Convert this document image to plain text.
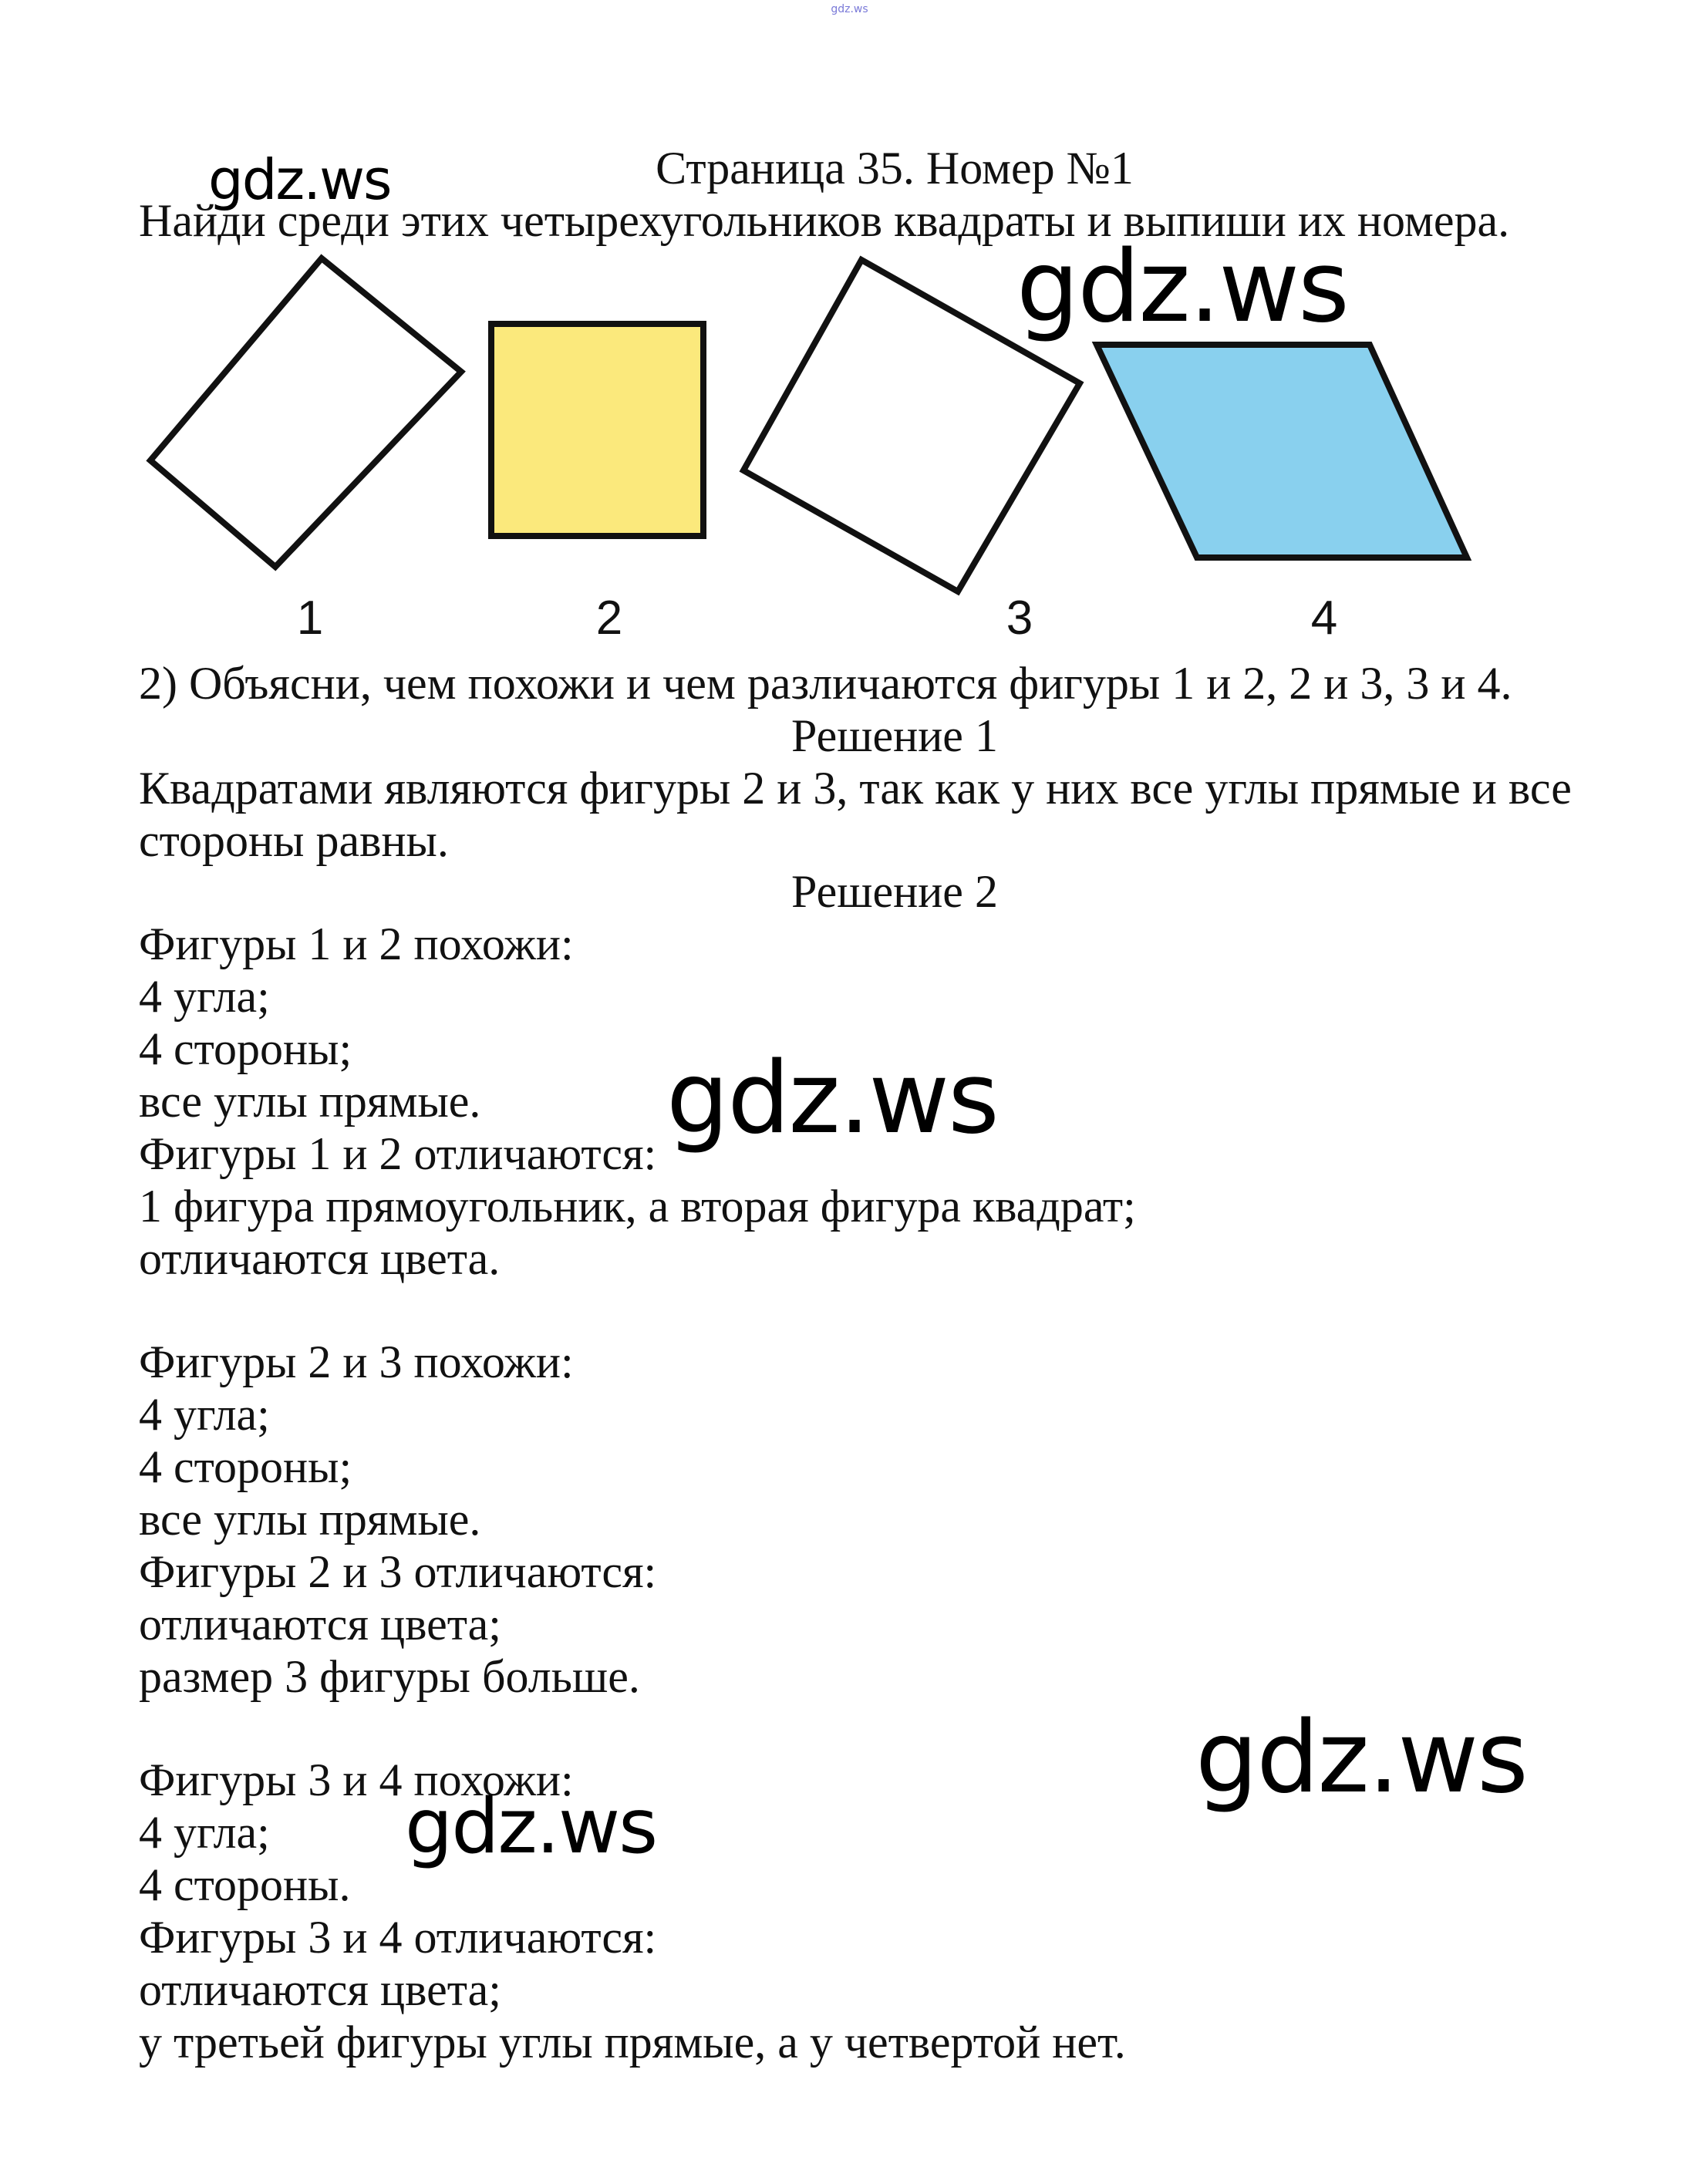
gdz.ws
Страница 35. Номер №1
Найди среди этих четырехугольников квадраты и выпиши их номера.
1	2	3	4
2) Объясни, чем похожи и чем различаются фигуры 1 и 2, 2 и 3, 3 и 4.
Решение 1
Квадратами являются фигуры 2 и 3, так как у них все углы прямые и все
стороны равны.
Решение 2
Фигуры 1 и 2 похожи:
4 угла;
4 стороны;
все углы прямые.
Фигуры 1 и 2 отличаются:
1 фигура прямоугольник, а вторая фигура квадрат;
отличаются цвета.
Фигуры 2 и 3 похожи:
4 угла;
4 стороны;
все углы прямые.
Фигуры 2 и 3 отличаются:
отличаются цвета;
размер 3 фигуры больше.
Фигуры 3 и 4 похожи:
4 угла;
4 стороны.
Фигуры 3 и 4 отличаются:
отличаются цвета;
у третьей фигуры углы прямые, а у четвертой нет.
gdz.ws
gdz.ws
gdz.ws
gdz.ws
gdz.ws
